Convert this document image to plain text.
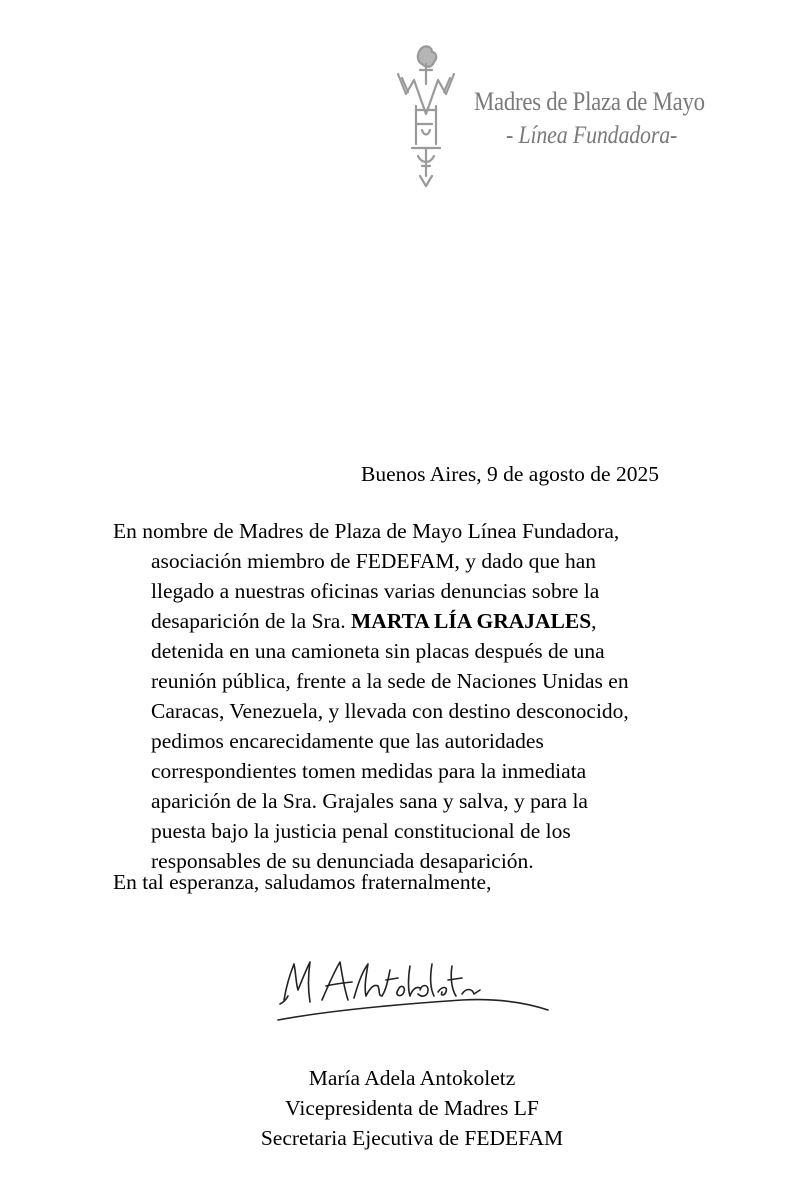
Madres de Plaza de Mayo
- Línea Fundadora-
Buenos Aires, 9 de agosto de 2025
En nombre de Madres de Plaza de Mayo Línea Fundadora,
asociación miembro de FEDEFAM, y dado que han
llegado a nuestras oficinas varias denuncias sobre la
desaparición de la Sra. MARTA LÍA GRAJALES,
detenida en una camioneta sin placas después de una
reunión pública, frente a la sede de Naciones Unidas en
Caracas, Venezuela, y llevada con destino desconocido,
pedimos encarecidamente que las autoridades
correspondientes tomen medidas para la inmediata
aparición de la Sra. Grajales sana y salva, y para la
puesta bajo la justicia penal constitucional de los
responsables de su denunciada desaparición.
En tal esperanza, saludamos fraternalmente,
María Adela Antokoletz
Vicepresidenta de Madres LF
Secretaria Ejecutiva de FEDEFAM
